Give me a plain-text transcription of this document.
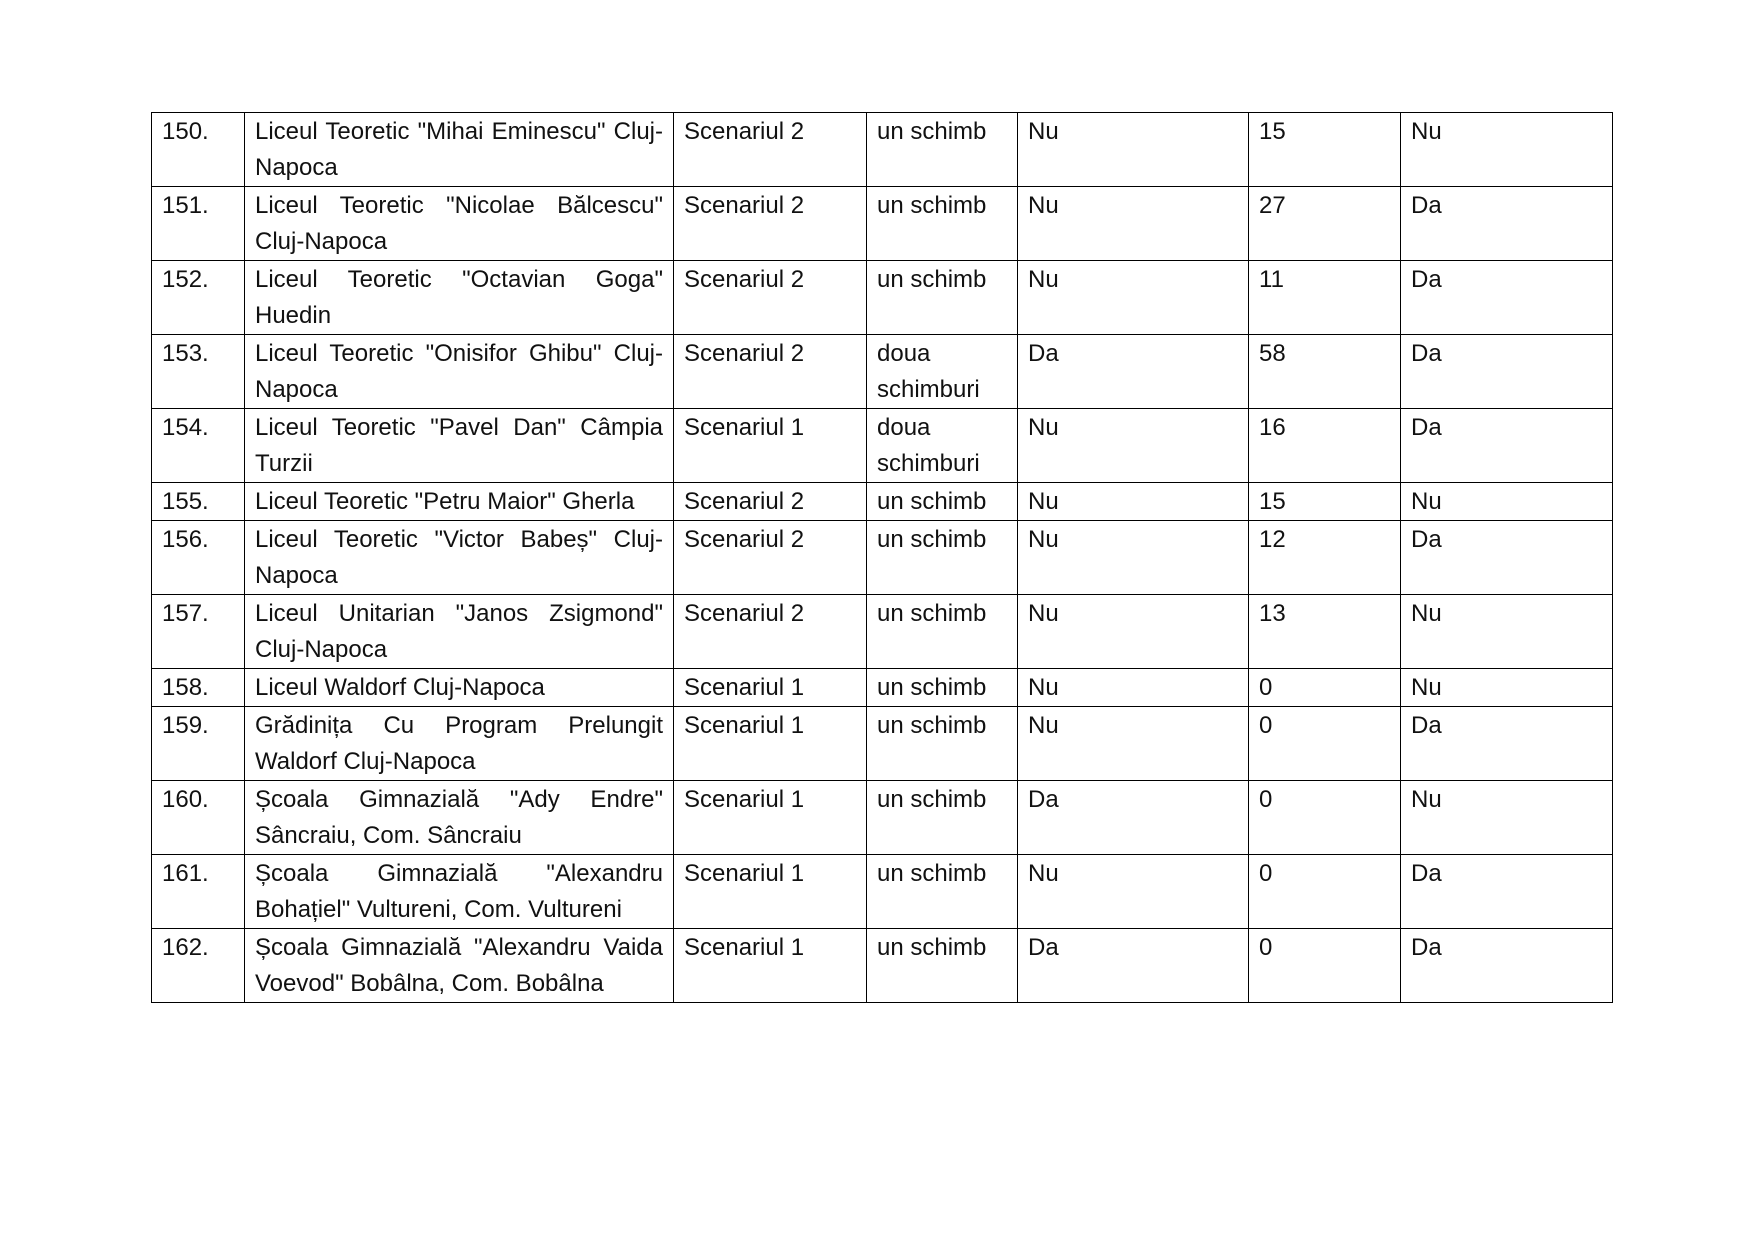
150.	Liceul Teoretic "Mihai Eminescu" Cluj-Napoca	Scenariul 2	un schimb	Nu	15	Nu
151.	Liceul Teoretic "Nicolae Bălcescu" Cluj-Napoca	Scenariul 2	un schimb	Nu	27	Da
152.	Liceul Teoretic "Octavian Goga" Huedin	Scenariul 2	un schimb	Nu	11	Da
153.	Liceul Teoretic "Onisifor Ghibu" Cluj-Napoca	Scenariul 2	doua schimburi	Da	58	Da
154.	Liceul Teoretic "Pavel Dan" Câmpia Turzii	Scenariul 1	doua schimburi	Nu	16	Da
155.	Liceul Teoretic "Petru Maior" Gherla	Scenariul 2	un schimb	Nu	15	Nu
156.	Liceul Teoretic "Victor Babeș" Cluj-Napoca	Scenariul 2	un schimb	Nu	12	Da
157.	Liceul Unitarian "Janos Zsigmond" Cluj-Napoca	Scenariul 2	un schimb	Nu	13	Nu
158.	Liceul Waldorf Cluj-Napoca	Scenariul 1	un schimb	Nu	0	Nu
159.	Grădinița Cu Program Prelungit Waldorf Cluj-Napoca	Scenariul 1	un schimb	Nu	0	Da
160.	Școala Gimnazială "Ady Endre" Sâncraiu, Com. Sâncraiu	Scenariul 1	un schimb	Da	0	Nu
161.	Școala Gimnazială "Alexandru Bohațiel" Vultureni, Com. Vultureni	Scenariul 1	un schimb	Nu	0	Da
162.	Școala Gimnazială "Alexandru Vaida Voevod" Bobâlna, Com. Bobâlna	Scenariul 1	un schimb	Da	0	Da
